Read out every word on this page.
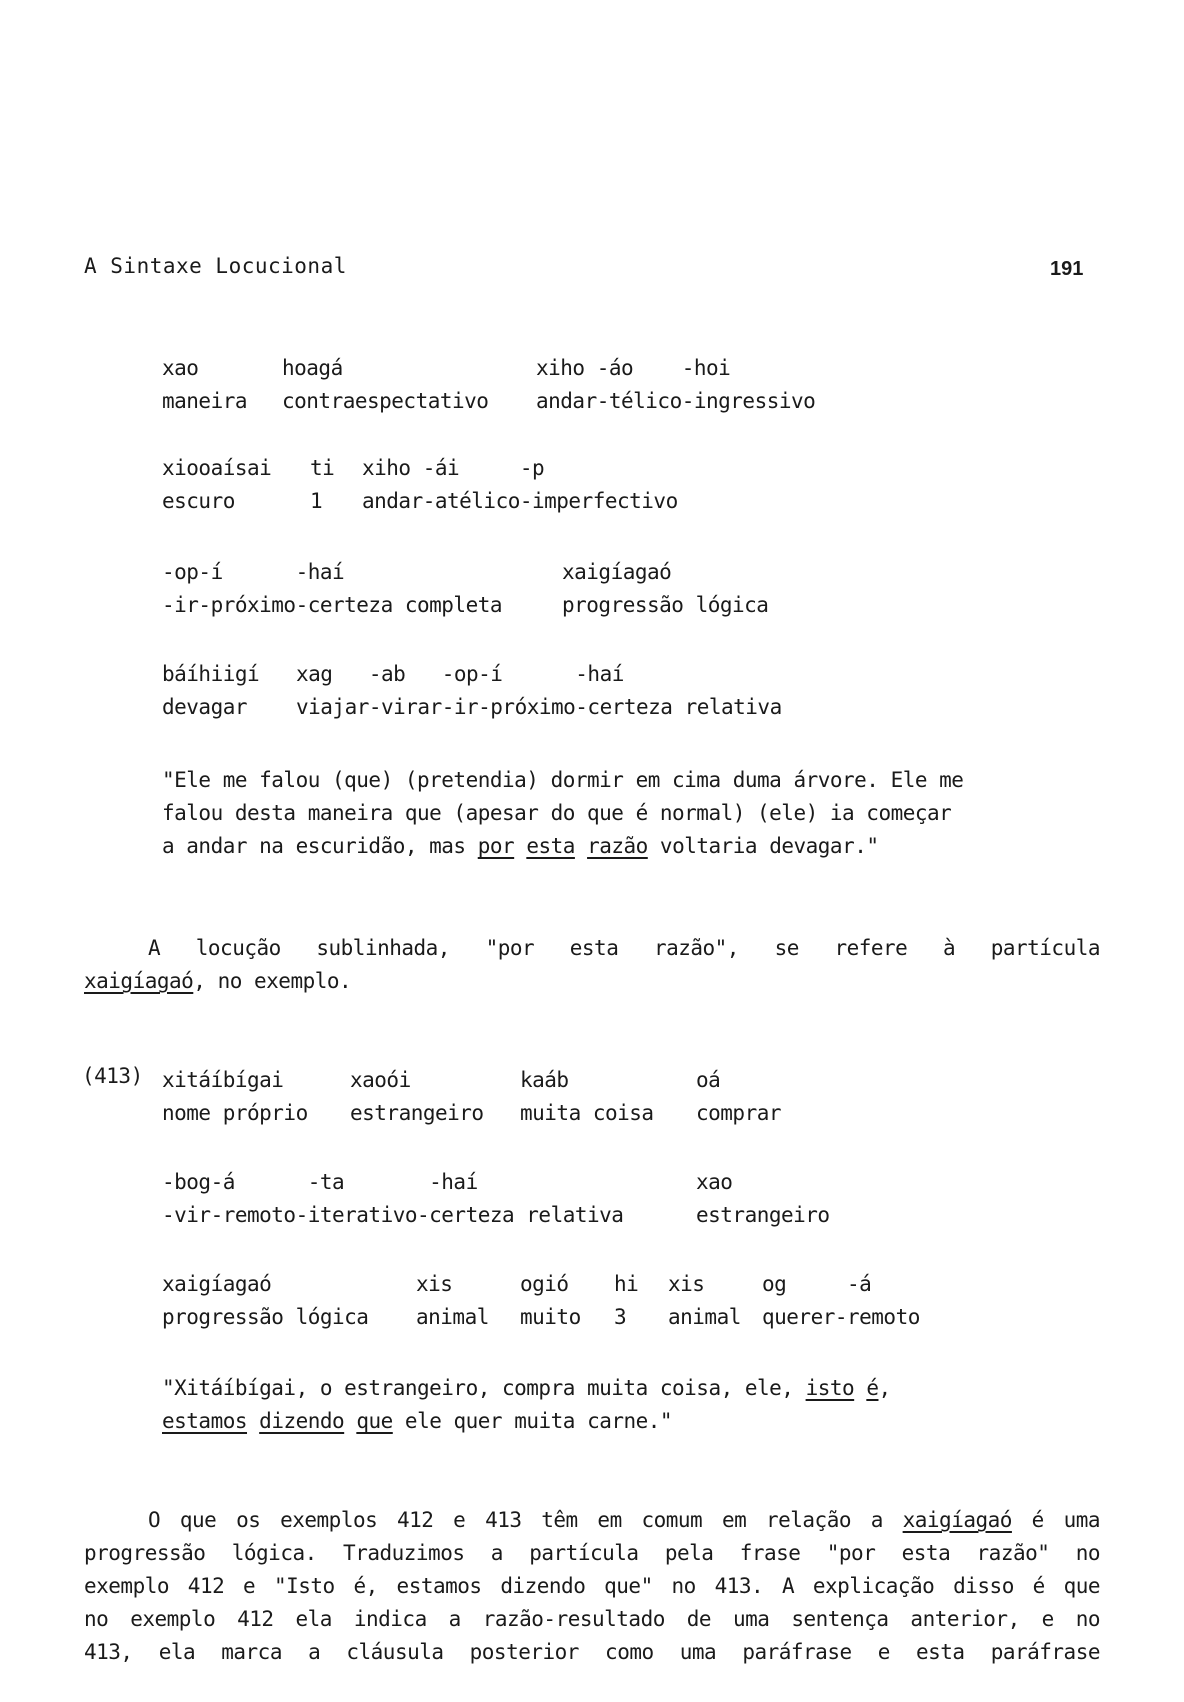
A Sintaxe Locucional	191
xao
maneira
hoagá
contraespectativo
xiho -áo    -hoi
andar-télico-ingressivo
xiooaísai
escuro
ti
1
xiho -ái     -p
andar-atélico-imperfectivo
-op-í      -haí
-ir-próximo-certeza completa
xaigíagaó
progressão lógica
báíhiigí
devagar
xag   -ab   -op-í      -haí
viajar-virar-ir-próximo-certeza relativa
"Ele me falou (que) (pretendia) dormir em cima duma árvore. Ele me
falou desta maneira que (apesar do que é normal) (ele) ia começar
a andar na escuridão, mas por esta razão voltaria devagar."
A locução sublinhada, "por esta razão", se refere à partícula
xaigíagaó, no exemplo.
(413) xitáíbígai
nome próprio
xaoói
estrangeiro
kaáb
muita coisa
oá
comprar
-bog-á      -ta       -haí
-vir-remoto-iterativo-certeza relativa
xao
estrangeiro
xaigíagaó
progressão lógica
xis
animal
ogió
muito
hi
3
xis
animal
og     -á
querer-remoto
"Xitáíbígai, o estrangeiro, compra muita coisa, ele, isto é,
estamos dizendo que ele quer muita carne."
O que os exemplos 412 e 413 têm em comum em relação a xaigíagaó é uma
progressão lógica. Traduzimos a partícula pela frase "por esta razão" no
exemplo 412 e "Isto é, estamos dizendo que" no 413. A explicação disso é que
no exemplo 412 ela indica a razão-resultado de uma sentença anterior, e no
413, ela marca a cláusula posterior como uma paráfrase e esta paráfrase
